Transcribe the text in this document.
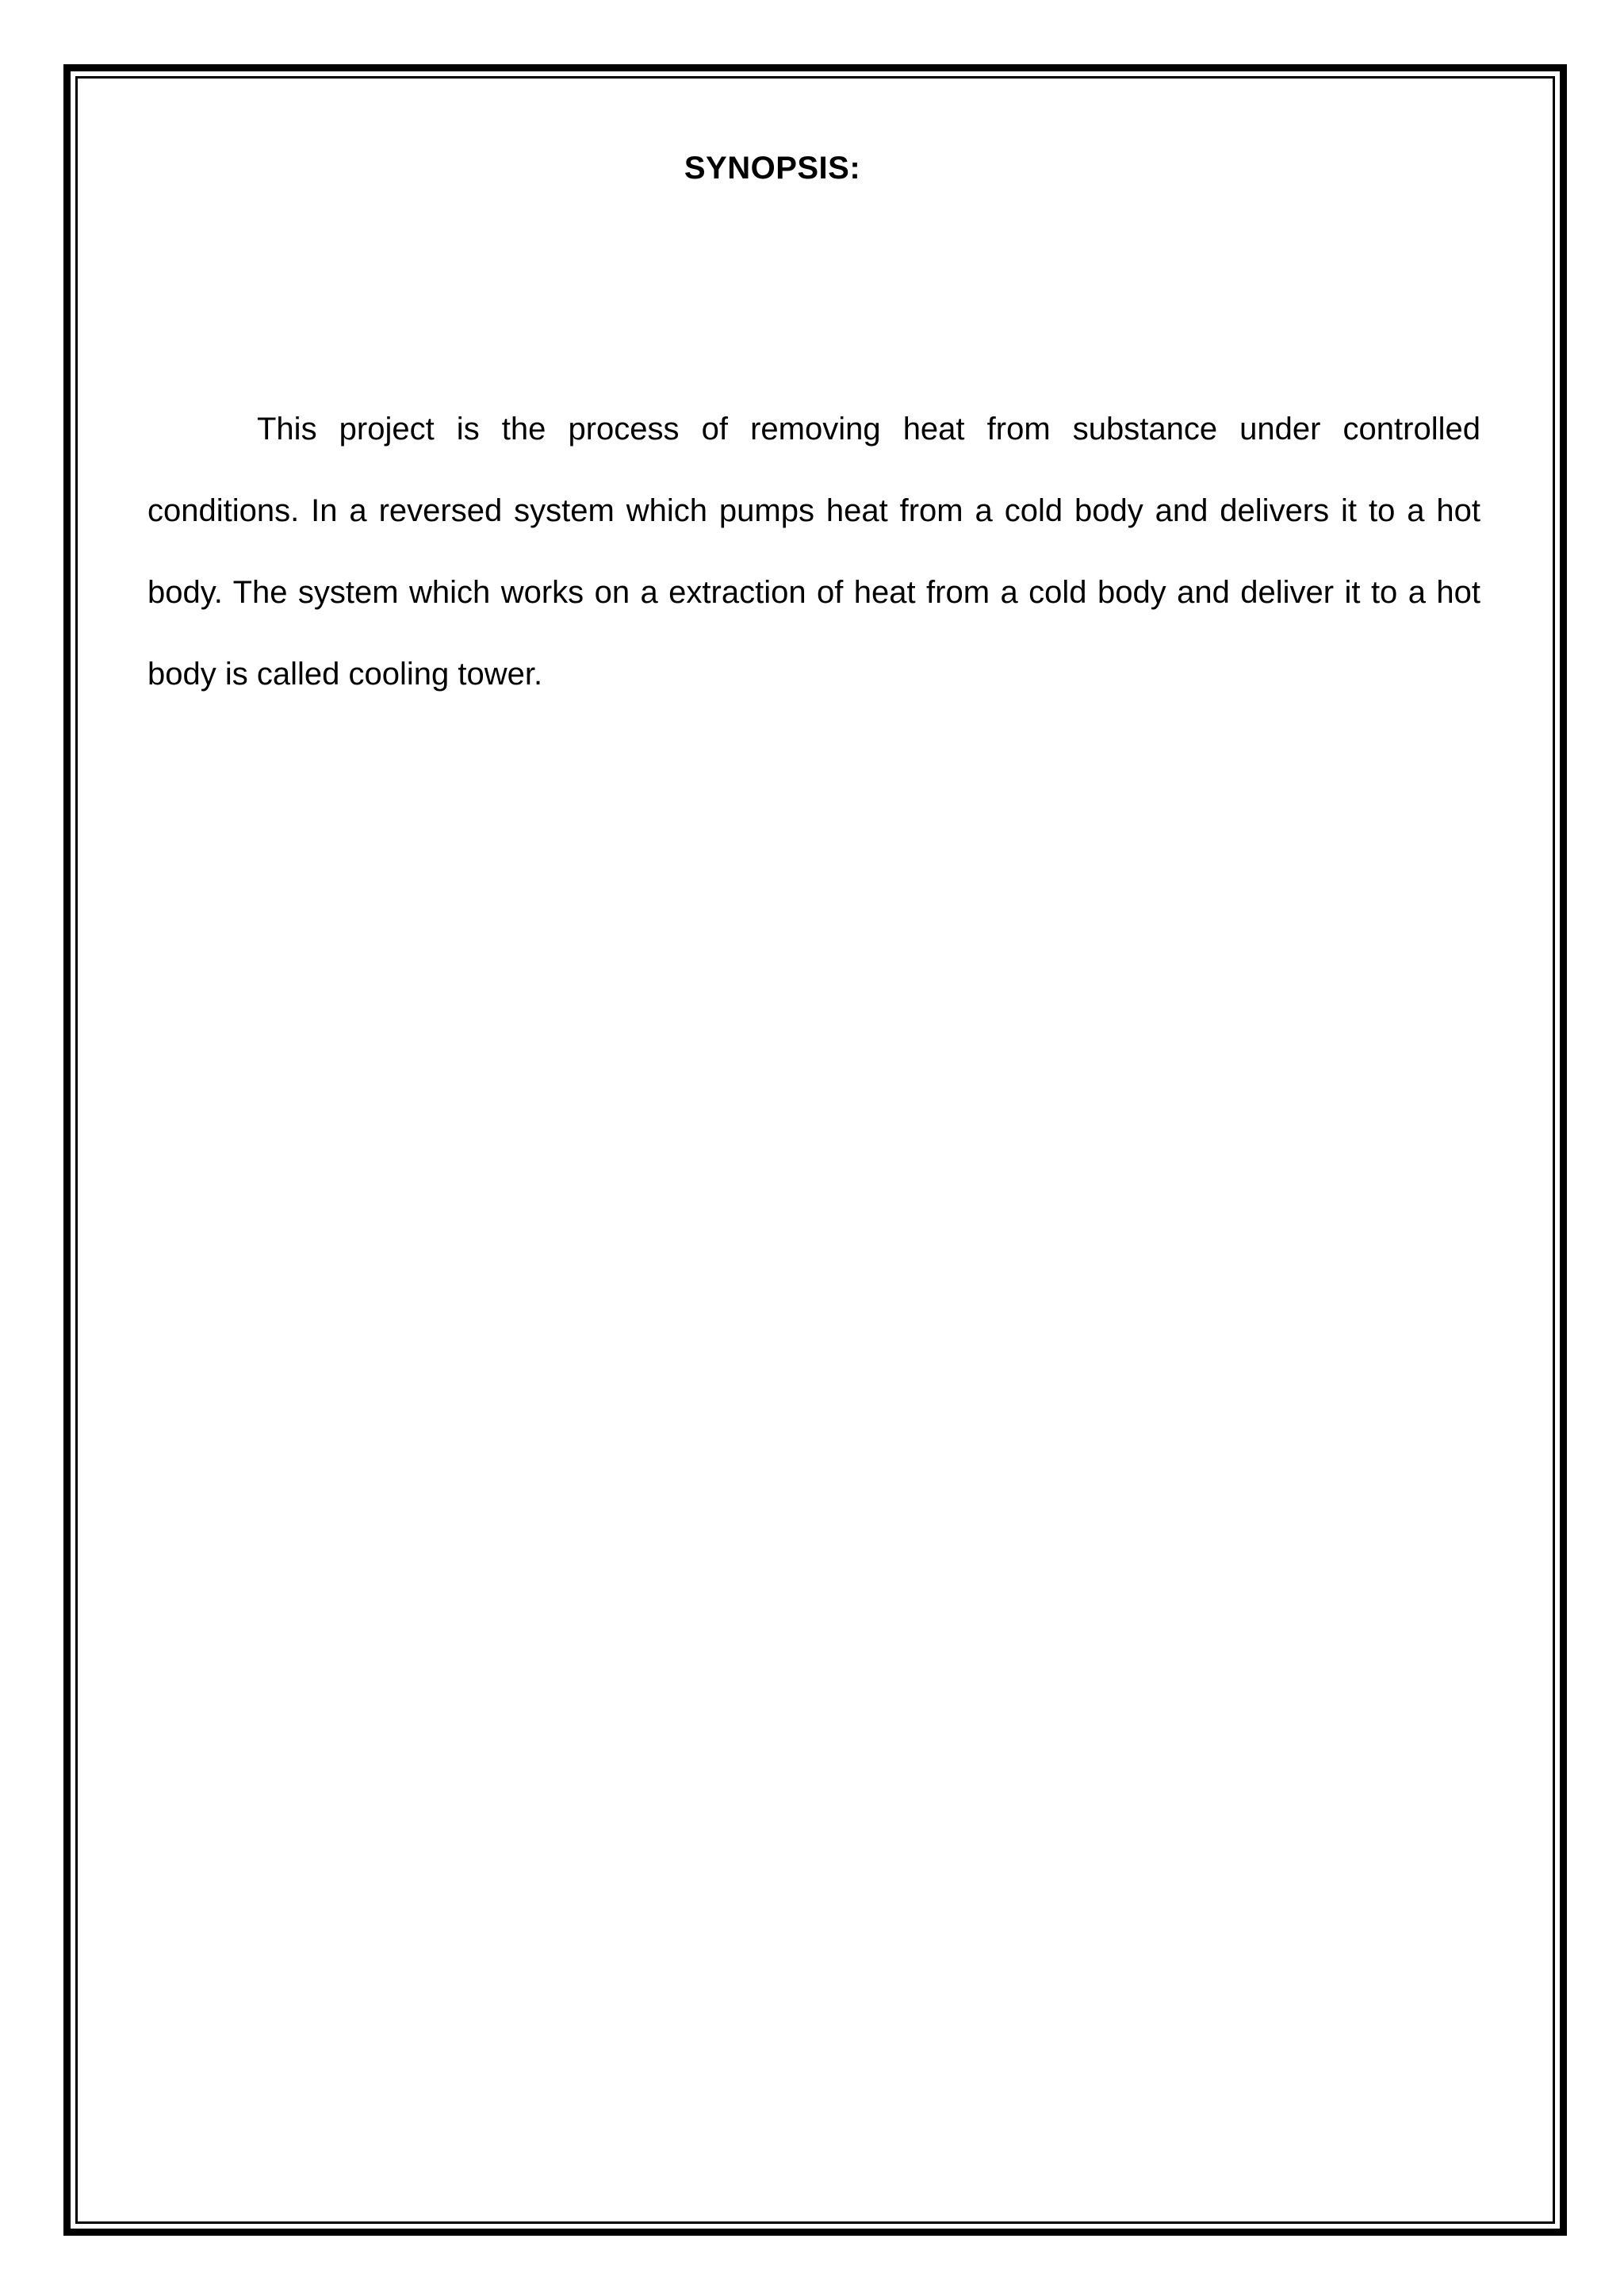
SYNOPSIS:

This project is the process of removing heat from substance under controlled conditions. In a reversed system which pumps heat from a cold body and delivers it to a hot body. The system which works on a extraction of heat from a cold body and deliver it to a hot body is called cooling tower.
